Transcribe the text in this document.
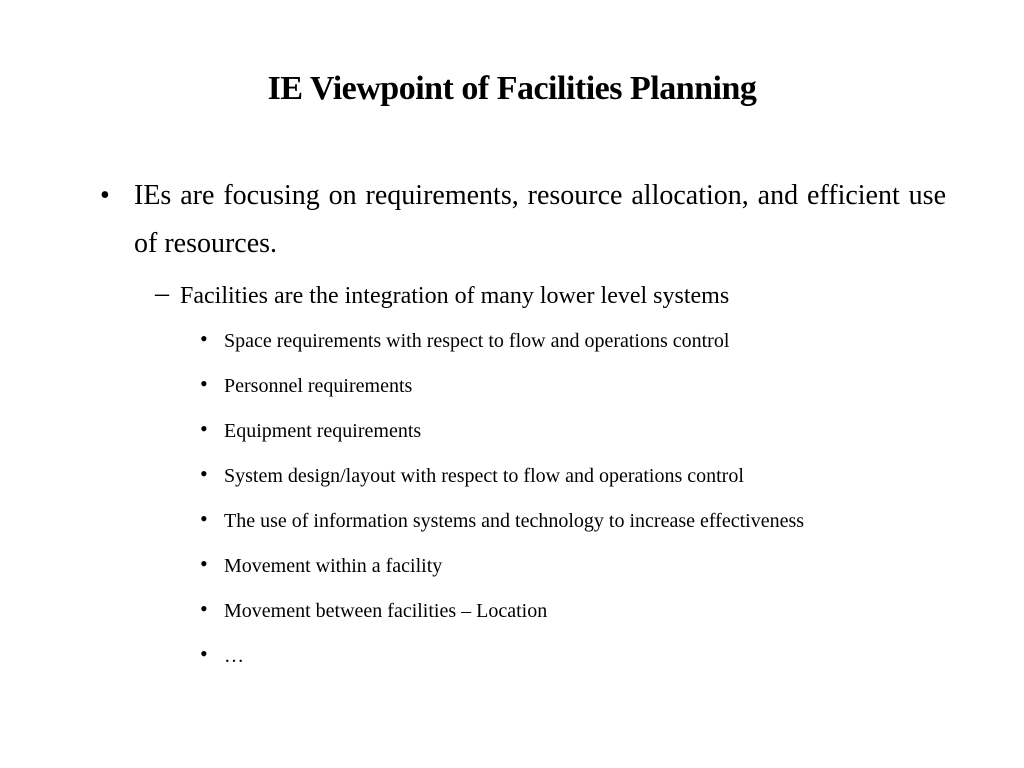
IE Viewpoint of Facilities Planning
• IEs are focusing on requirements, resource allocation, and efficient use of resources.
– Facilities are the integration of many lower level systems
• Space requirements with respect to flow and operations control
• Personnel requirements
• Equipment requirements
• System design/layout with respect to flow and operations control
• The use of information systems and technology to increase effectiveness
• Movement within a facility
• Movement between facilities – Location
• …
